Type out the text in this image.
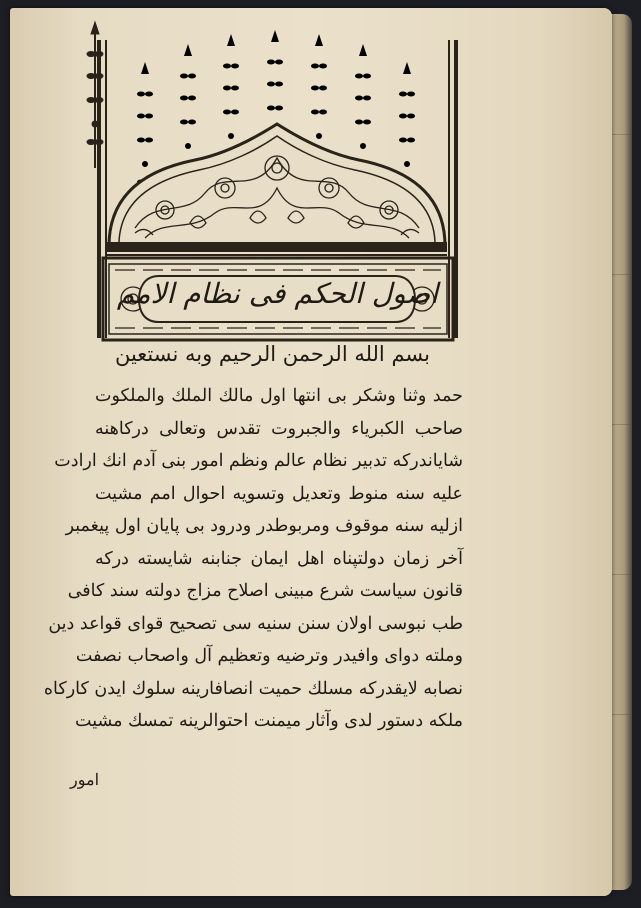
اصول الحکم فی نظام الامم
بسم الله الرحمن الرحیم وبه نستعین
حمد وثنا وشکر بی انتها اول مالك الملك والملکوت
صاحب الکبریاء والجبروت تقدس وتعالی درکاهنه
شایاندرکه تدبیر نظام عالم ونظم امور بنی آدم انك ارادت
علیه سنه منوط وتعدیل وتسویه احوال امم مشیت
ازلیه سنه موقوف ومربوطدر ودرود بی پایان اول پیغمبر
آخر زمان دولتپناه اهل ایمان جنابنه شایسته درکه
قانون سیاست شرع مبینی اصلاح مزاج دولته سند کافی
طب نبوسی اولان سنن سنیه سی تصحیح قوای قواعد دین
وملته دوای وافیدر وترضیه وتعظیم آل واصحاب نصفت
نصابه لایقدرکه مسلك حمیت انصافارینه سلوك ایدن کارکاه
ملکه دستور لدی وآثار میمنت احتوالرینه تمسك مشیت
امور
